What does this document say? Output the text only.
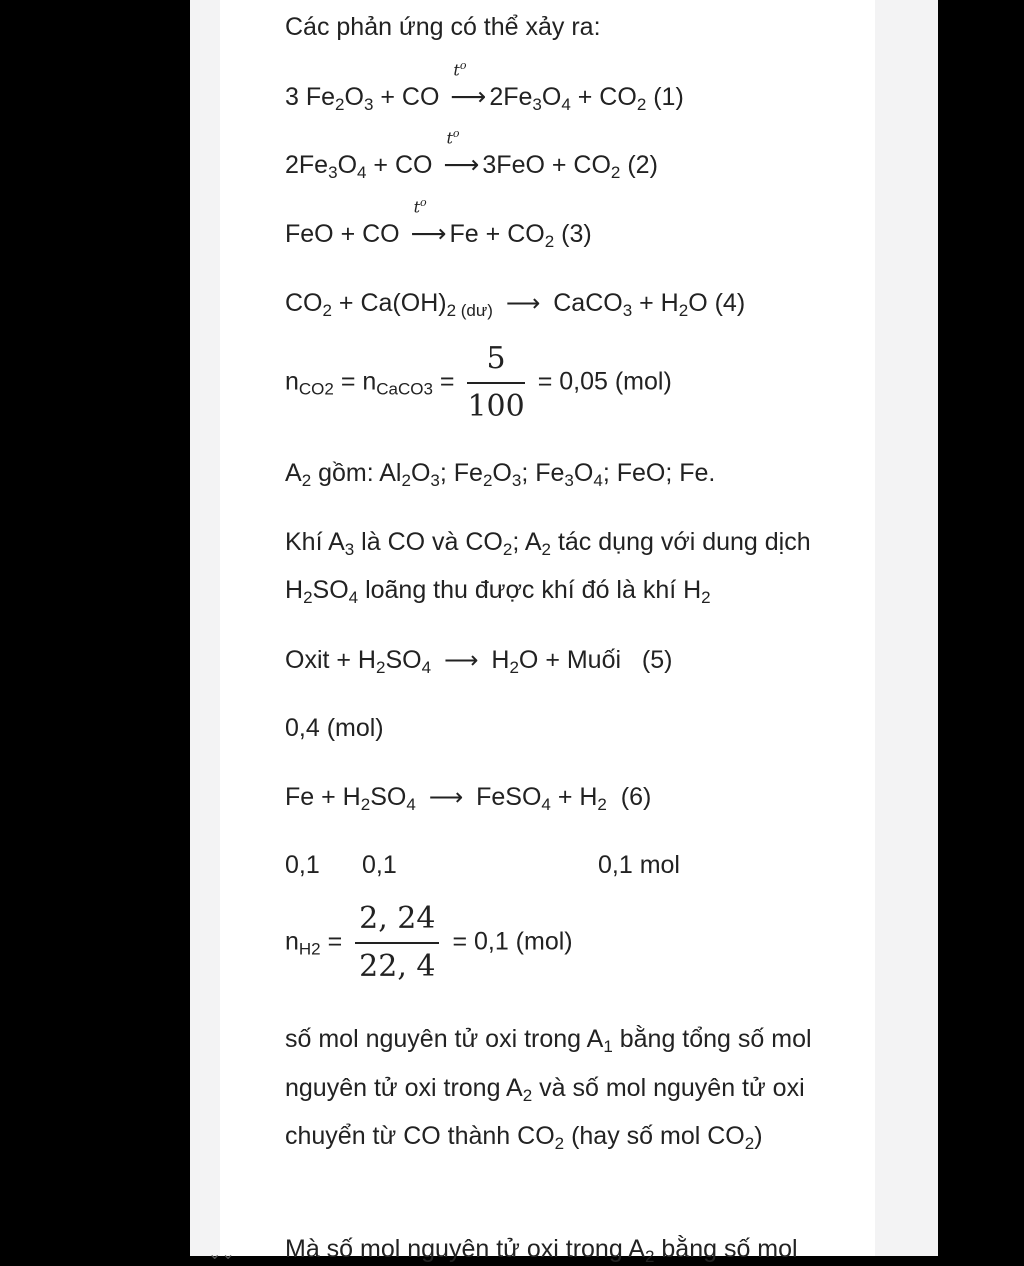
Các phản ứng có thể xảy ra:
3 $Fe_2O_3$ + CO
$t^o$
⟶ $2Fe_3O_4 + CO_2$ (1)
$2Fe_3O_4$ + CO
$t^o$
⟶ $3FeO + CO_2$ (2)
FeO + CO
$t^o$
⟶ $Fe + CO_2$ (3)
$CO_2 + Ca(OH)_{2 (dư)}$ ⟶ CaCO$_3$ + $H_2O$ (4)
$n_{CO2} = n_{CaCO3} = \frac{5}{100} = 0,05$ (mol)
$A_2$ gồm: $Al_2O_3$; $Fe_2O_3$; $Fe_3O_4$; FeO; Fe.
Khí $A_3$ là CO và $CO_2$; $A_2$ tác dụng với dung dịch $H_2SO_4$ loãng thu được khí đó là khí $H_2$
Oxit + $H_2SO_4$ ⟶ $H_2O$ + Muối (5)
0,4 (mol)
$Fe + H_2SO_4$ ⟶ FeSO$_4$ + $H_2$ (6)
0,1 0,1	0,1 mol
$n_{H2} = \frac{2, 24}{22, 4} = 0,1$ (mol)
số mol nguyên tử oxi trong $A_1$ bằng tổng số mol nguyên tử oxi trong $A_2$ và số mol nguyên tử oxi chuyển từ CO thành $CO_2$ (hay số mol $CO_2$)
Mà số mol nguyên tử oxi trong $A_2$ bằng số mol
⌄⌄
